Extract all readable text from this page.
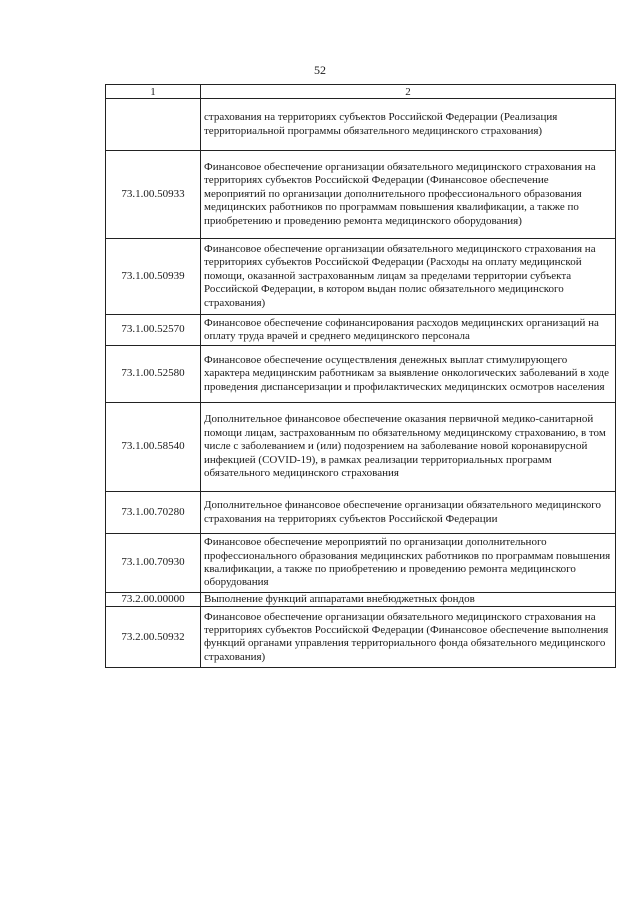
52
1	2
	страхования на территориях субъектов Российской Федерации (Реализация территориальной программы обязательного медицинского страхования)
73.1.00.50933	Финансовое обеспечение организации обязательного медицинского страхования на территориях субъектов Российской Федерации (Финансовое обеспечение мероприятий по организации дополнительного профессионального образования медицинских работников по программам повышения квалификации, а также по приобретению и проведению ремонта медицинского оборудования)
73.1.00.50939	Финансовое обеспечение организации обязательного медицинского страхования на территориях субъектов Российской Федерации (Расходы на оплату медицинской помощи, оказанной застрахованным лицам за пределами территории субъекта Российской Федерации, в котором выдан полис обязательного медицинского страхования)
73.1.00.52570	Финансовое обеспечение софинансирования расходов медицинских организаций на оплату труда врачей и среднего медицинского персонала
73.1.00.52580	Финансовое обеспечение осуществления денежных выплат стимулирующего характера медицинским работникам за выявление онкологических заболеваний в ходе проведения диспансеризации и профилактических медицинских осмотров населения
73.1.00.58540	Дополнительное финансовое обеспечение оказания первичной медико-санитарной помощи лицам, застрахованным по обязательному медицинскому страхованию, в том числе с заболеванием и (или) подозрением на заболевание новой коронавирусной инфекцией (COVID-19), в рамках реализации территориальных программ обязательного медицинского страхования
73.1.00.70280	Дополнительное финансовое обеспечение организации обязательного медицинского страхования на территориях субъектов Российской Федерации
73.1.00.70930	Финансовое обеспечение мероприятий по организации дополнительного профессионального образования медицинских работников по программам повышения квалификации, а также по приобретению и проведению ремонта медицинского оборудования
73.2.00.00000	Выполнение функций аппаратами внебюджетных фондов
73.2.00.50932	Финансовое обеспечение организации обязательного медицинского страхования на территориях субъектов Российской Федерации (Финансовое обеспечение выполнения функций органами управления территориального фонда обязательного медицинского страхования)
